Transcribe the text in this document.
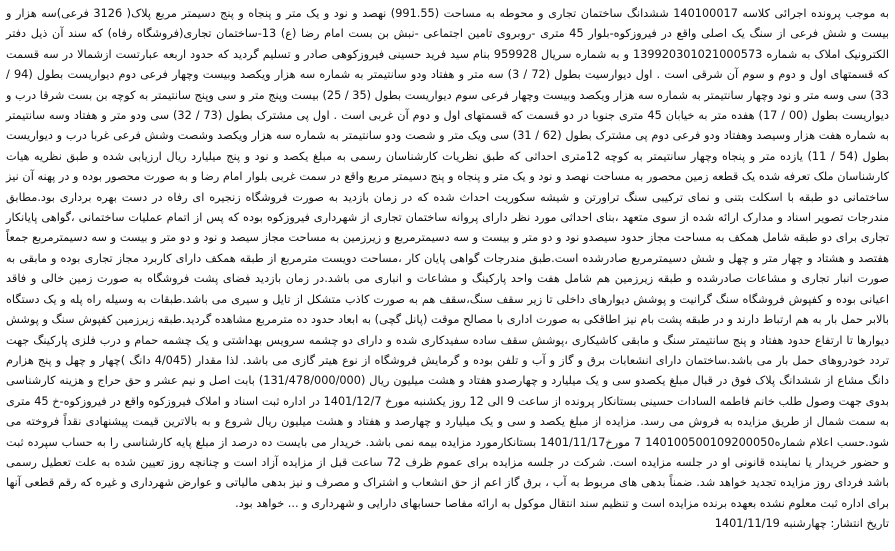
به موجب پرونده اجرائی کلاسه 140100017 ششدانگ ساختمان تجاری و محوطه به مساحت (991.55) نهصد و نود و یک متر و پنجاه و پنج دسیمتر مربع پلاک( 3126 فرعی)سه هزار و بیست و شش فرعی از سنگ یک اصلی واقع در فیروزکوه-بلوار 45 متری -روبروی تامین اجتماعی -نبش بن بست امام رضا (ع) 13-ساختمان تجاری(فروشگاه رفاه) که سند آن ذیل دفتر الکترونیک املاک به شماره 139920301021000573 و به شماره سریال 959928 بنام سید فرید حسینی فیروزکوهی صادر و تسلیم گردید که حدود اربعه عبارتست ازشمالا در سه قسمت که قسمتهای اول و دوم و سوم آن شرقی است . اول دیوارسیت بطول (72 / 3) سه متر و هفتاد ودو سانتیمتر به شماره سه هزار ویکصد وبیست وچهار فرعی دوم دیواریست بطول (94 / 33) سی وسه متر و نود وچهار سانتیمتر به شماره سه هزار ویکصد وبیست وچهار فرعی سوم دیواریست بطول (35 / 25) بیست وپنج متر و سی وپنج سانتیمتر به کوچه بن بست شرقا درب و دیواریست بطول (00 / 17) هفده متر به خیابان 45 متری جنوبا در دو قسمت که قسمتهای اول و دوم آن غربی است . اول پی مشترک بطول (73 / 32) سی ودو متر و هفتاد وسه سانتیمتر به شماره هفت هزار وسیصد وهفتاد ودو فرعی دوم پی مشترک بطول (62 / 31) سی ویک متر و شصت ودو سانتیمتر به شماره سه هزار ویکصد وشصت وشش فرعی غربا درب و دیواریست بطول (54 / 11) یازده متر و پنجاه وچهار سانتیمتر به کوچه 12متری احداثی که طبق نظریات کارشناسان رسمی به مبلغ یکصد و نود و پنج میلیارد ریال ارزیابی شده و طبق نظریه هیات کارشناسان ملک تعرفه شده یک قطعه زمین محصور به مساحت نهصد و نود و یک متر و پنجاه و پنج دسیمتر مربع واقع در سمت غربی بلوار امام رضا و به صورت محصور بوده و در پهنه آن نیز ساختمانی دو طبقه با اسکلت بتنی و نمای ترکیبی سنگ تراورتن و شیشه سکوریت احداث شده که در زمان بازدید به صورت فروشگاه زنجیره ای رفاه در دست بهره برداری بود.مطابق مندرجات تصویر اسناد و مدارک ارائه شده از سوی متعهد ،بنای احداثی مورد نظر دارای پروانه ساختمان تجاری از شهرداری فیروزکوه بوده که پس از اتمام عملیات ساختمانی ،گواهی پایانکار تجاری برای دو طبقه شامل همکف به مساحت مجاز حدود سیصدو نود و دو متر و بیست و سه دسیمترمربع و زیرزمین به مساحت مجاز سیصد و نود و دو متر و بیست و سه دسیمترمربع جمعاً هفتصد و هشتاد و چهار متر و چهل و شش دسیمترمربع صادرشده است.طبق مندرجات گواهی پایان کار ،مساحت دویست مترمربع از طبقه همکف دارای کاربرد مجاز تجاری بوده و مابقی به صورت انبار تجاری و مشاعات صادرشده و طبقه زیرزمین هم شامل هفت واحد پارکینگ و مشاعات و انباری می باشد.در زمان بازدید فضای پشت فروشگاه به صورت زمین خالی و فاقد اعیانی بوده و کفپوش فروشگاه سنگ گرانیت و پوشش دیوارهای داخلی تا زیر سقف سنگ،سقف هم به صورت کاذب متشکل از تایل و سیری می باشد.طبقات به وسیله راه پله و یک دستگاه بالابر حمل بار به هم ارتباط دارند و در طبقه پشت بام نیز اطاقکی به صورت اداری با مصالح موقت (پانل گچی) به ابعاد حدود ده مترمربع مشاهده گردید.طبقه زیرزمین کفپوش سنگ و پوشش دیوارها تا ارتفاع حدود هفتاد و پنج سانتیمتر سنگ و مابقی کاشیکاری ،پوشش سقف ساده سفیدکاری شده و دارای دو چشمه سرویس بهداشتی و یک چشمه حمام و درب فلزی پارکینگ جهت تردد خودروهای حمل بار می باشد.ساختمان دارای انشعابات برق و گاز و آب و تلفن بوده و گرمایش فروشگاه از نوع هیتر گازی می باشد. لذا مقدار (4/045 دانگ )چهار و چهل و پنج هزارم دانگ مشاع از ششدانگ پلاک فوق در قبال مبلغ یکصدو سی و یک میلیارد و چهارصدو هفتاد و هشت میلیون ریال (131/478/000/000) بابت اصل و نیم عشر و حق حراج و هزینه کارشناسی بدوی جهت وصول طلب خانم فاطمه السادات حسینی بستانکار پرونده از ساعت 9 الی 12 روز یکشنبه مورخ 1401/12/7 در اداره ثبت اسناد و املاک فیروزکوه واقع در فیروزکوه-خ 45 متری به سمت شمال از طریق مزایده به فروش می رسد. مزایده از مبلغ یکصد و سی و یک میلیارد و چهارصد و هفتاد و هشت میلیون ریال شروع و به بالاترین قیمت پیشنهادی نقداً فروخته می شود.حسب اعلام شماره140100500109200050 7 مورخ1401/11/17 بستانکارمورد مزایده بیمه نمی باشد. خریدار می بایست ده درصد از مبلغ پایه کارشناسی را به حساب سپرده ثبت و حضور خریدار یا نماینده قانونی او در جلسه مزایده است. شرکت در جلسه مزایده برای عموم ظرف 72 ساعت قبل از مزایده آزاد است و چنانچه روز تعیین شده به علت تعطیل رسمی باشد فردای روز مزایده تجدید خواهد شد. ضمناً بدهی های مربوط به آب ، برق گاز اعم از حق انشعاب و اشتراک و مصرف و نیز بدهی مالیاتی و عوارض شهرداری و غیره که رقم قطعی آنها برای اداره ثبت معلوم نشده بعهده برنده مزایده است و تنظیم سند انتقال موکول به ارائه مفاصا حسابهای دارایی و شهرداری و ... خواهد بود.

تاریخ انتشار: چهارشنبه 1401/11/19
